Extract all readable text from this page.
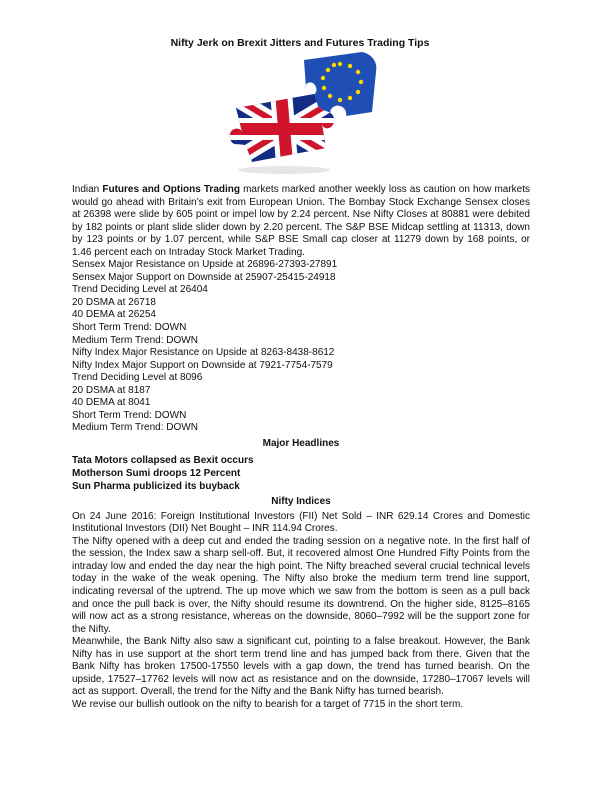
Nifty Jerk on Brexit Jitters and Futures Trading Tips

Indian Futures and Options Trading markets marked another weekly loss as caution on how markets would go ahead with Britain’s exit from European Union. The Bombay Stock Exchange Sensex closes at 26398 were slide by 605 point or impel low by 2.24 percent. Nse Nifty Closes at 80881 were debited by 182 points or plant slide slider down by 2.20 percent. The S&P BSE Midcap settling at 11313, down by 123 points or by 1.07 percent, while S&P BSE Small cap closer at 11279 down by 168 points, or 1.46 percent each on Intraday Stock Market Trading.

Sensex Major Resistance on Upside at 26896-27393-27891
Sensex Major Support on Downside at 25907-25415-24918
Trend Deciding Level at 26404
20 DSMA at 26718
40 DEMA at 26254
Short Term Trend: DOWN
Medium Term Trend: DOWN
Nifty Index Major Resistance on Upside at 8263-8438-8612
Nifty Index Major Support on Downside at 7921-7754-7579
Trend Deciding Level at 8096
20 DSMA at 8187
40 DEMA at 8041
Short Term Trend: DOWN
Medium Term Trend: DOWN

Major Headlines

Tata Motors collapsed as Bexit occurs
Motherson Sumi droops 12 Percent
Sun Pharma publicized its buyback

Nifty Indices

On 24 June 2016: Foreign Institutional Investors (FII) Net Sold – INR 629.14 Crores and Domestic Institutional Investors (DII) Net Bought – INR 114.94 Crores.

The Nifty opened with a deep cut and ended the trading session on a negative note. In the first half of the session, the Index saw a sharp sell-off. But, it recovered almost One Hundred Fifty Points from the intraday low and ended the day near the high point. The Nifty breached several crucial technical levels today in the wake of the weak opening. The Nifty also broke the medium term trend line support, indicating reversal of the uptrend. The up move which we saw from the bottom is seen as a pull back and once the pull back is over, the Nifty should resume its downtrend. On the higher side, 8125–8165 will now act as a strong resistance, whereas on the downside, 8060–7992 will be the support zone for the Nifty.

Meanwhile, the Bank Nifty also saw a significant cut, pointing to a false breakout. However, the Bank Nifty has in use support at the short term trend line and has jumped back from there. Given that the Bank Nifty has broken 17500-17550 levels with a gap down, the trend has turned bearish. On the upside, 17527–17762 levels will now act as resistance and on the downside, 17280–17067 levels will act as support. Overall, the trend for the Nifty and the Bank Nifty has turned bearish.

We revise our bullish outlook on the nifty to bearish for a target of 7715 in the short term.
